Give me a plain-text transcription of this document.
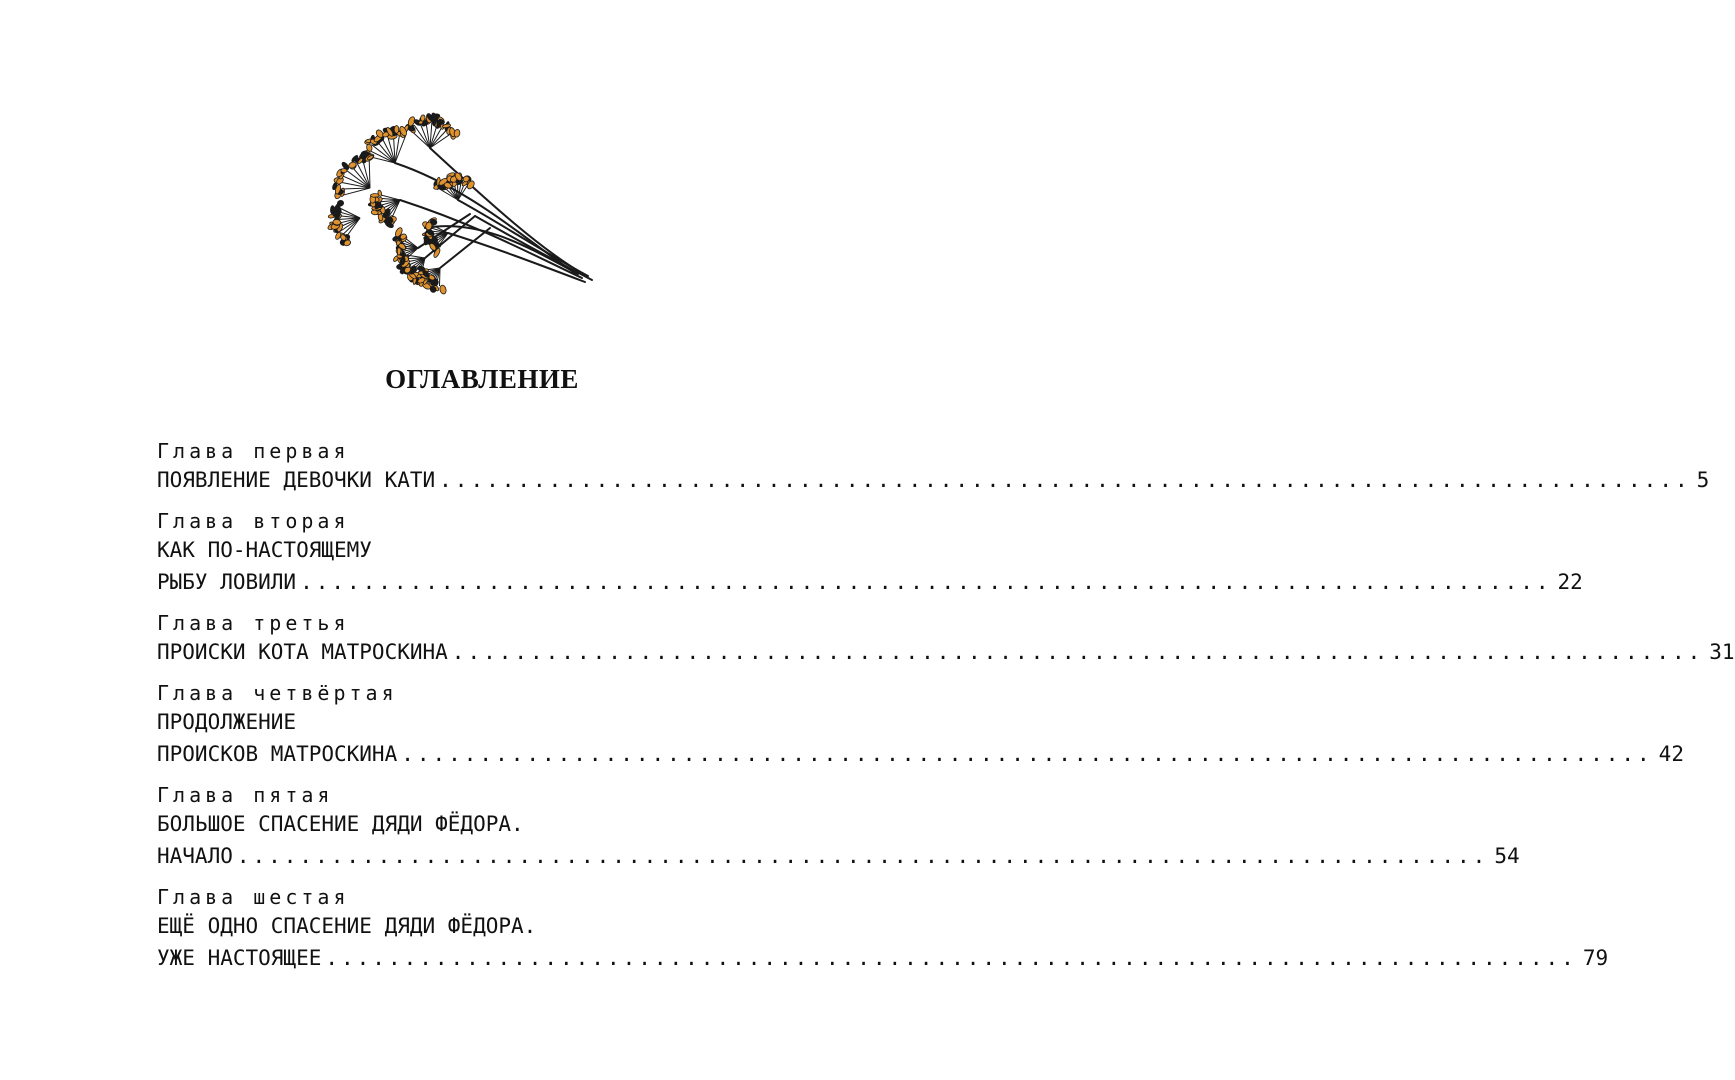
ОГЛАВЛЕНИЕ
Глава первая
ПОЯВЛЕНИЕ ДЕВОЧКИ КАТИ ................................................................................ 5
Глава вторая
КАК ПО-НАСТОЯЩЕМУ
РЫБУ ЛОВИЛИ ................................................................................ 22
Глава третья
ПРОИСКИ КОТА МАТРОСКИНА ................................................................................ 31
Глава четвёртая
ПРОДОЛЖЕНИЕ
ПРОИСКОВ МАТРОСКИНА ................................................................................ 42
Глава пятая
БОЛЬШОЕ СПАСЕНИЕ ДЯДИ ФЁДОРА.
НАЧАЛО ................................................................................ 54
Глава шестая
ЕЩЁ ОДНО СПАСЕНИЕ ДЯДИ ФЁДОРА.
УЖЕ НАСТОЯЩЕЕ ................................................................................ 79
